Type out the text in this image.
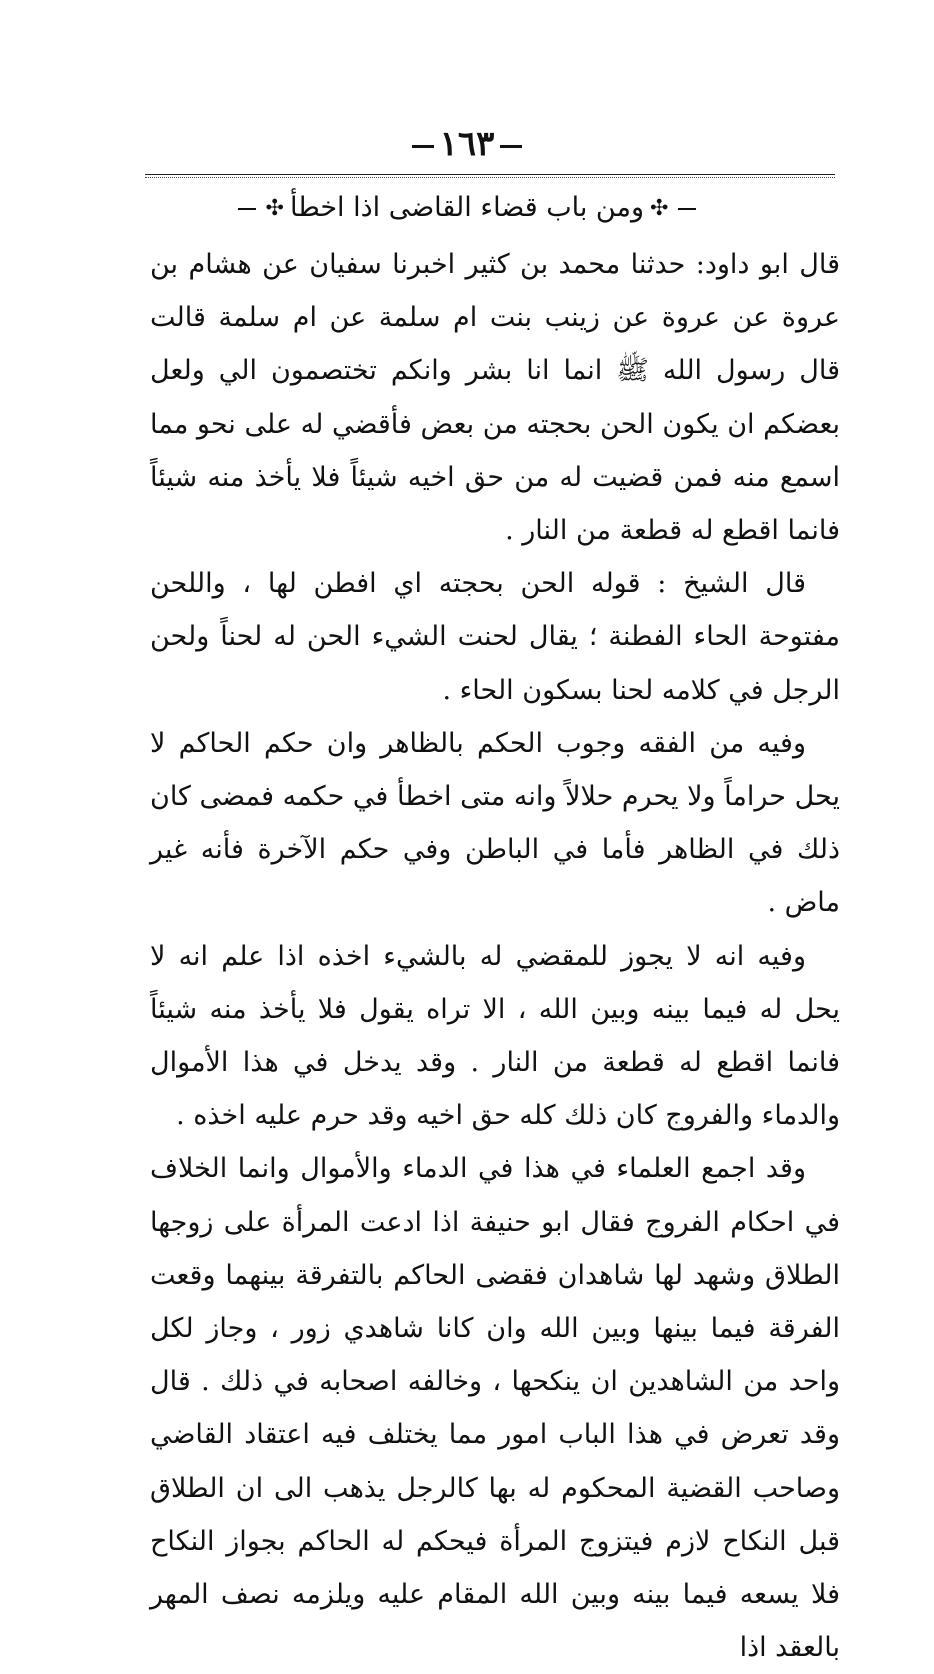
١٦٣
✣ومن باب قضاء القاضى اذا اخطأ✣

قال ابو داود: حدثنا محمد بن كثير اخبرنا سفيان عن هشام بن عروة عن عروة عن زينب بنت ام سلمة عن ام سلمة قالت قال رسول الله ﷺ انما انا بشر وانكم تختصمون الي ولعل بعضكم ان يكون الحن بحجته من بعض فأقضي له على نحو مما اسمع منه فمن قضيت له من حق اخيه شيئاً فلا يأخذ منه شيئاً فانما اقطع له قطعة من النار .

قال الشيخ : قوله الحن بحجته اي افطن لها ، واللحن مفتوحة الحاء الفطنة ؛ يقال لحنت الشيء الحن له لحناً ولحن الرجل في كلامه لحنا بسكون الحاء .

وفيه من الفقه وجوب الحكم بالظاهر وان حكم الحاكم لا يحل حراماً ولا يحرم حلالاً وانه متى اخطأ في حكمه فمضى كان ذلك في الظاهر فأما في الباطن وفي حكم الآخرة فأنه غير ماض .

وفيه انه لا يجوز للمقضي له بالشيء اخذه اذا علم انه لا يحل له فيما بينه وبين الله ، الا تراه يقول فلا يأخذ منه شيئاً فانما اقطع له قطعة من النار . وقد يدخل في هذا الأموال والدماء والفروج كان ذلك كله حق اخيه وقد حرم عليه اخذه .

وقد اجمع العلماء في هذا في الدماء والأموال وانما الخلاف في احكام الفروج فقال ابو حنيفة اذا ادعت المرأة على زوجها الطلاق وشهد لها شاهدان فقضى الحاكم بالتفرقة بينهما وقعت الفرقة فيما بينها وبين الله وان كانا شاهدي زور ، وجاز لكل واحد من الشاهدين ان ينكحها ، وخالفه اصحابه في ذلك . قال وقد تعرض في هذا الباب امور مما يختلف فيه اعتقاد القاضي وصاحب القضية المحكوم له بها كالرجل يذهب الى ان الطلاق قبل النكاح لازم فيتزوج المرأة فيحكم له الحاكم بجواز النكاح فلا يسعه فيما بينه وبين الله المقام عليه ويلزمه نصف المهر بالعقد اذا
